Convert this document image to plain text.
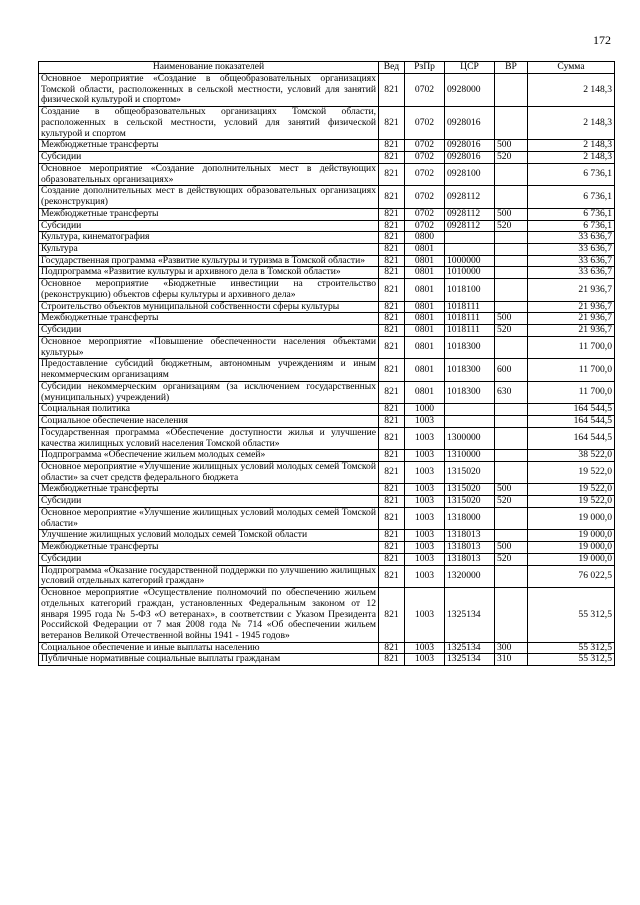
172
Наименование показателей	Вед	РзПр	ЦСР	ВР	Сумма
Основное мероприятие «Создание в общеобразовательных организациях Томской области, расположенных в сельской местности, условий для занятий физической культурой и спортом»	821	0702	0928000		2 148,3
Создание в общеобразовательных организациях Томской области, расположенных в сельской местности, условий для занятий физической культурой и спортом	821	0702	0928016		2 148,3
Межбюджетные трансферты	821	0702	0928016	500	2 148,3
Субсидии	821	0702	0928016	520	2 148,3
Основное мероприятие «Создание дополнительных мест в действующих образовательных организациях»	821	0702	0928100		6 736,1
Создание дополнительных мест в действующих образовательных организациях (реконструкция)	821	0702	0928112		6 736,1
Межбюджетные трансферты	821	0702	0928112	500	6 736,1
Субсидии	821	0702	0928112	520	6 736,1
Культура, кинематография	821	0800			33 636,7
Культура	821	0801			33 636,7
Государственная программа «Развитие культуры и туризма в Томской области»	821	0801	1000000		33 636,7
Подпрограмма «Развитие культуры и архивного дела в Томской области»	821	0801	1010000		33 636,7
Основное мероприятие «Бюджетные инвестиции на строительство (реконструкцию) объектов сферы культуры и архивного дела»	821	0801	1018100		21 936,7
Строительство объектов муниципальной собственности сферы культуры	821	0801	1018111		21 936,7
Межбюджетные трансферты	821	0801	1018111	500	21 936,7
Субсидии	821	0801	1018111	520	21 936,7
Основное мероприятие «Повышение обеспеченности населения объектами культуры»	821	0801	1018300		11 700,0
Предоставление субсидий бюджетным, автономным учреждениям и иным некоммерческим организациям	821	0801	1018300	600	11 700,0
Субсидии некоммерческим организациям (за исключением государственных (муниципальных) учреждений)	821	0801	1018300	630	11 700,0
Социальная политика	821	1000			164 544,5
Социальное обеспечение населения	821	1003			164 544,5
Государственная программа «Обеспечение доступности жилья и улучшение качества жилищных условий населения Томской области»	821	1003	1300000		164 544,5
Подпрограмма «Обеспечение жильем молодых семей»	821	1003	1310000		38 522,0
Основное мероприятие «Улучшение жилищных условий молодых семей Томской области» за счет средств федерального бюджета	821	1003	1315020		19 522,0
Межбюджетные трансферты	821	1003	1315020	500	19 522,0
Субсидии	821	1003	1315020	520	19 522,0
Основное мероприятие «Улучшение жилищных условий молодых семей Томской области»	821	1003	1318000		19 000,0
Улучшение жилищных условий молодых семей Томской области	821	1003	1318013		19 000,0
Межбюджетные трансферты	821	1003	1318013	500	19 000,0
Субсидии	821	1003	1318013	520	19 000,0
Подпрограмма «Оказание государственной поддержки по улучшению жилищных условий отдельных категорий граждан»	821	1003	1320000		76 022,5
Основное мероприятие «Осуществление полномочий по обеспечению жильем отдельных категорий граждан, установленных Федеральным законом от 12 января 1995 года № 5-ФЗ «О ветеранах», в соответствии с Указом Президента Российской Федерации от 7 мая 2008 года № 714 «Об обеспечении жильем ветеранов Великой Отечественной войны 1941 - 1945 годов»	821	1003	1325134		55 312,5
Социальное обеспечение и иные выплаты населению	821	1003	1325134	300	55 312,5
Публичные нормативные социальные выплаты гражданам	821	1003	1325134	310	55 312,5
